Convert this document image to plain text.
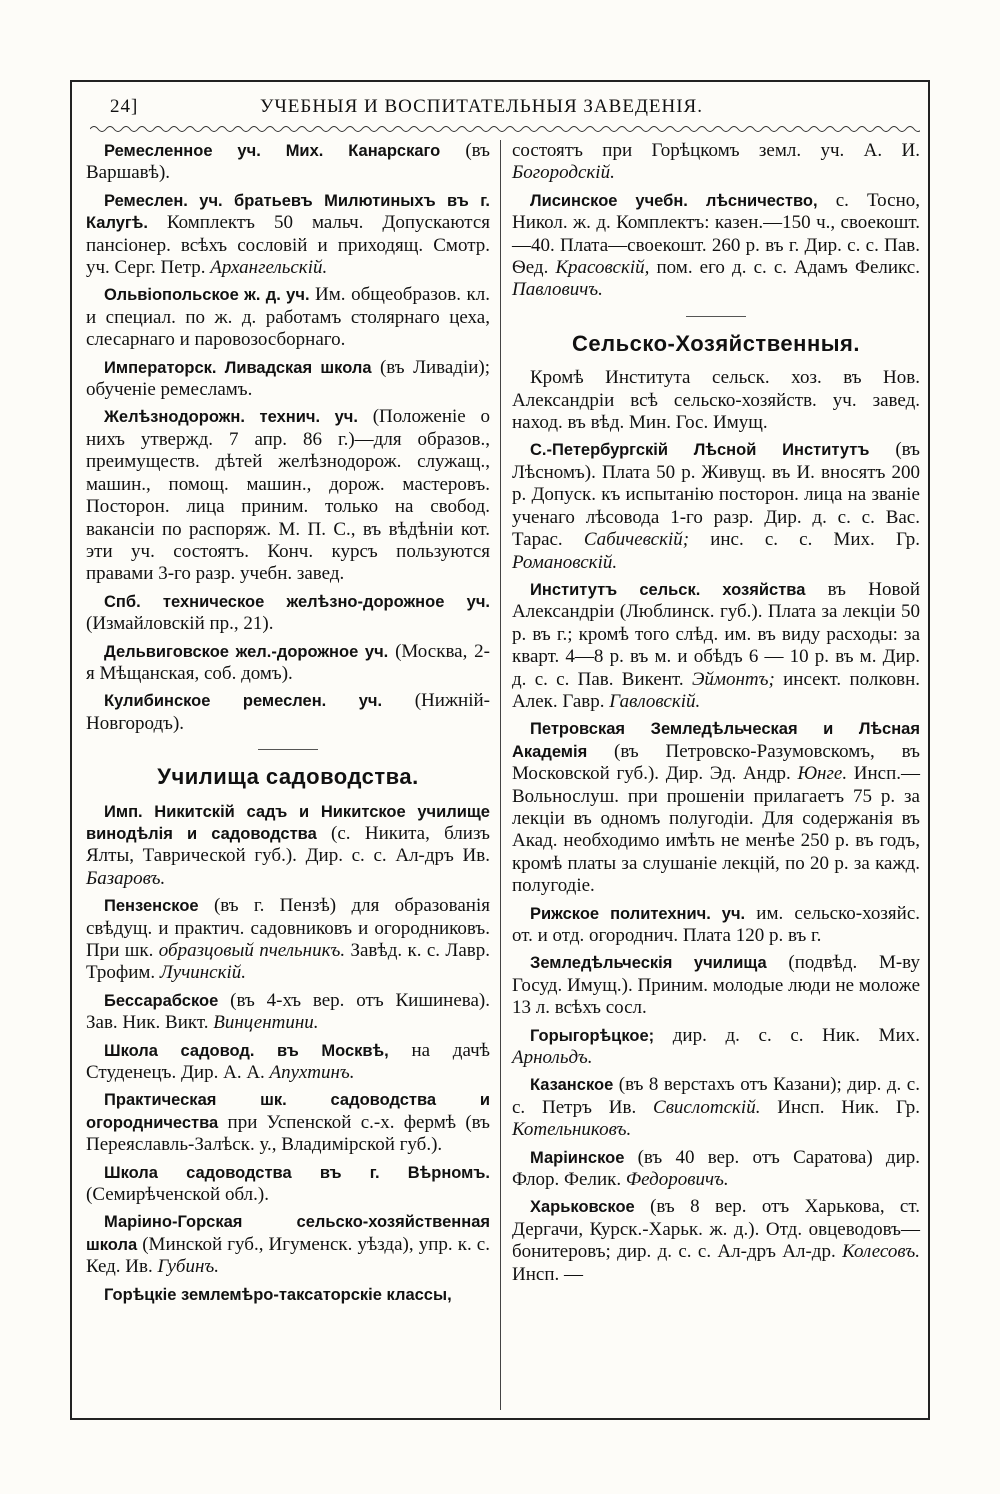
24]	УЧЕБНЫЯ И ВОСПИТАТЕЛЬНЫЯ ЗАВЕДЕНІЯ.

Ремесленное уч. Мих. Канарскаго (въ Варшавѣ).

Ремеслен. уч. братьевъ Милютиныхъ въ г. Калугѣ. Комплектъ 50 мальч. Допускаются пансіонер. всѣхъ сословій и приходящ. Смотр. уч. Серг. Петр. Архангельскій.

Ольвіопольское ж. д. уч. Им. общеобразов. кл. и специал. по ж. д. работамъ столярнаго цеха, слесарнаго и паровозосборнаго.

Императорск. Ливадская школа (въ Ливадіи); обученіе ремесламъ.

Желѣзнодорожн. технич. уч. (Положеніе о нихъ утвержд. 7 апр. 86 г.)—для образов., преимуществ. дѣтей желѣзнодорож. служащ., машин., помощ. машин., дорож. мастеровъ. Посторон. лица приним. только на свобод. вакансіи по распоряж. М. П. С., въ вѣдѣніи кот. эти уч. состоятъ. Конч. курсъ пользуются правами 3-го разр. учебн. завед.

Спб. техническое желѣзно-дорожное уч. (Измайловскій пр., 21).

Дельвиговское жел.-дорожное уч. (Москва, 2-я Мѣщанская, соб. домъ).

Кулибинское ремеслен. уч. (Нижній-Новгородъ).

Училища садоводства.

Имп. Никитскій садъ и Никитское училище винодѣлія и садоводства (с. Никита, близъ Ялты, Таврической губ.). Дир. с. с. Ал-дръ Ив. Базаровъ.

Пензенское (въ г. Пензѣ) для образованія свѣдущ. и практич. садовниковъ и огородниковъ. При шк. образцовый пчельникъ. Завѣд. к. с. Лавр. Трофим. Лучинскій.

Бессарабское (въ 4-хъ вер. отъ Кишинева). Зав. Ник. Викт. Винцентини.

Школа садовод. въ Москвѣ, на дачѣ Студенецъ. Дир. А. А. Апухтинъ.

Практическая шк. садоводства и огородничества при Успенской с.-х. фермѣ (въ Переяславль-Залѣск. у., Владимірской губ.).

Школа садоводства въ г. Вѣрномъ. (Семирѣченской обл.).

Маріино-Горская сельско-хозяйственная школа (Минской губ., Игуменск. уѣзда), упр. к. с. Кед. Ив. Губинъ.

Горѣцкіе землемѣро-таксаторскіе классы,

состоятъ при Горѣцкомъ земл. уч. А. И. Богородскій.

Лисинское учебн. лѣсничество, с. Тосно, Никол. ж. д. Комплектъ: казен.—150 ч., своекошт.—40. Плата—своекошт. 260 р. въ г. Дир. с. с. Пав. Ѳед. Красовскій, пом. его д. с. с. Адамъ Феликс. Павловичъ.

Сельско-Хозяйственныя.

Кромѣ Института сельск. хоз. въ Нов. Александріи всѣ сельско-хозяйств. уч. завед. наход. въ вѣд. Мин. Гос. Имущ.

С.-Петербургскій Лѣсной Институтъ (въ Лѣсномъ). Плата 50 р. Живущ. въ И. вносятъ 200 р. Допуск. къ испытанію посторон. лица на званіе ученаго лѣсовода 1-го разр. Дир. д. с. с. Вас. Тарас. Сабичевскій; инс. с. с. Мих. Гр. Романовскій.

Институтъ сельск. хозяйства въ Новой Александріи (Люблинск. губ.). Плата за лекціи 50 р. въ г.; кромѣ того слѣд. им. въ виду расходы: за кварт. 4—8 р. въ м. и обѣдъ 6 — 10 р. въ м. Дир. д. с. с. Пав. Викент. Эймонтъ; инсект. полковн. Алек. Гавр. Гавловскій.

Петровская Земледѣльческая и Лѣсная Академія (въ Петровско-Разумовскомъ, въ Московской губ.). Дир. Эд. Андр. Юнге. Инсп.—Вольнослуш. при прошеніи прилагаетъ 75 р. за лекціи въ одномъ полугодіи. Для содержанія въ Акад. необходимо имѣть не менѣе 250 р. въ годъ, кромѣ платы за слушаніе лекцій, по 20 р. за кажд. полугодіе.

Рижское политехнич. уч. им. сельско-хозяйс. от. и отд. огороднич. Плата 120 р. въ г.

Земледѣльческія училища (подвѣд. М-ву Госуд. Имущ.). Приним. молодые люди не моложе 13 л. всѣхъ сосл.

Горыгорѣцкое; дир. д. с. с. Ник. Мих. Арнольдъ.

Казанское (въ 8 верстахъ отъ Казани); дир. д. с. с. Петръ Ив. Свислотскій. Инсп. Ник. Гр. Котельниковъ.

Маріинское (въ 40 вер. отъ Саратова) дир. Флор. Фелик. Федоровичъ.

Харьковское (въ 8 вер. отъ Харькова, ст. Дергачи, Курск.-Харьк. ж. д.). Отд. овцеводовъ—бонитеровъ; дир. д. с. с. Ал-дръ Ал-др. Колесовъ. Инсп. —
